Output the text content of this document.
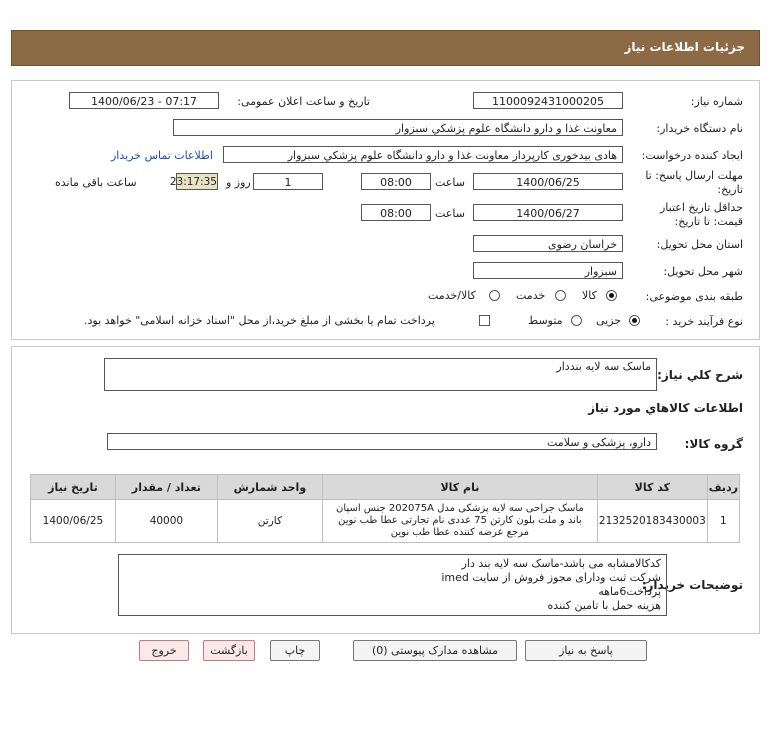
جزئیات اطلاعات نیاز
شماره نیاز:
1100092431000205
تاریخ و ساعت اعلان عمومی:
1400/06/23 - 07:17
نام دستگاه خریدار:
معاونت غذا و دارو دانشگاه علوم پزشکي سبزوار
ایجاد کننده درخواست:
هادی بیدخوری کارپرداز معاونت غذا و دارو دانشگاه علوم پزشکي سبزوار
اطلاعات تماس خریدار
مهلت ارسال پاسخ: تا
تاریخ:
1400/06/25
ساعت
08:00
1
روز و
23:17:35
ساعت باقی مانده
حداقل تاریخ اعتبار
قیمت: تا تاریخ:
1400/06/27
ساعت
08:00
استان محل تحویل:
خراسان رضوی
شهر محل تحویل:
سبزوار
طبقه بندی موضوعی:
کالا
خدمت
کالا/خدمت
نوع فرآیند خرید :
جزیی
متوسط
پرداخت تمام یا بخشی از مبلغ خرید،از محل "اسناد خزانه اسلامی" خواهد بود.
شرح کلي نياز:
ماسک سه لایه بنددار
اطلاعات کالاهاي مورد نياز
گروه کالا:
دارو، پزشکی و سلامت
ردیف	کد کالا	نام کالا	واحد شمارش	تعداد / مقدار	تاریخ نیاز
1	2132520183430003	ماسک جراحی سه لایه پزشکی مدل 202075A جنس اسپان
باند و ملت بلون کارتن 75 عددی نام تجارتی عطا طب نوین
مرجع عرضه کننده عطا طب نوین	کارتن	40000	1400/06/25
توضیحات خریدار:
کدکالامشابه می باشد-ماسک سه لایه بند دار
شرکت ثبت ودارای مجوز فروش از سایت imed
پرداخت6ماهه
هزینه حمل با تامین کننده
پاسخ به نیاز
مشاهده مدارک پیوستی (0)
چاپ
بازگشت
خروج
